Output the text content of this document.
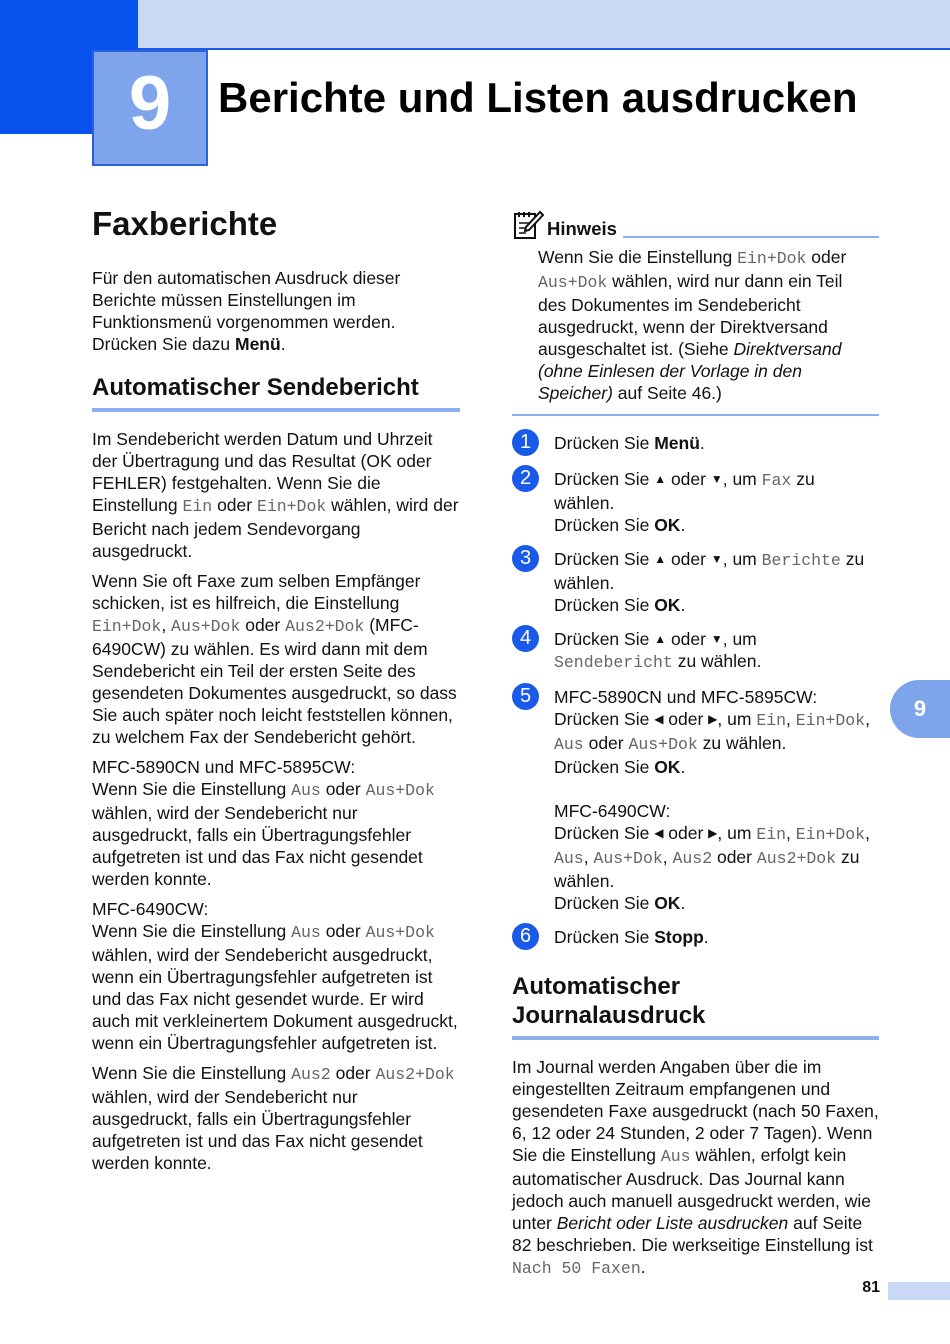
9	Berichte und Listen ausdrucken
Faxberichte

Für den automatischen Ausdruck dieser Berichte müssen Einstellungen im Funktionsmenü vorgenommen werden. Drücken Sie dazu Menü.

Automatischer Sendebericht

Im Sendebericht werden Datum und Uhrzeit der Übertragung und das Resultat (OK oder FEHLER) festgehalten. Wenn Sie die Einstellung Ein oder Ein+Dok wählen, wird der Bericht nach jedem Sendevorgang ausgedruckt.

Wenn Sie oft Faxe zum selben Empfänger schicken, ist es hilfreich, die Einstellung Ein+Dok, Aus+Dok oder Aus2+Dok (MFC-6490CW) zu wählen. Es wird dann mit dem Sendebericht ein Teil der ersten Seite des gesendeten Dokumentes ausgedruckt, so dass Sie auch später noch leicht feststellen können, zu welchem Fax der Sendebericht gehört.

MFC-5890CN und MFC-5895CW:
Wenn Sie die Einstellung Aus oder Aus+Dok wählen, wird der Sendebericht nur ausgedruckt, falls ein Übertragungsfehler aufgetreten ist und das Fax nicht gesendet werden konnte.

MFC-6490CW:
Wenn Sie die Einstellung Aus oder Aus+Dok wählen, wird der Sendebericht ausgedruckt, wenn ein Übertragungsfehler aufgetreten ist und das Fax nicht gesendet wurde. Er wird auch mit verkleinertem Dokument ausgedruckt, wenn ein Übertragungsfehler aufgetreten ist.

Wenn Sie die Einstellung Aus2 oder Aus2+Dok wählen, wird der Sendebericht nur ausgedruckt, falls ein Übertragungsfehler aufgetreten ist und das Fax nicht gesendet werden konnte.

Hinweis

Wenn Sie die Einstellung Ein+Dok oder Aus+Dok wählen, wird nur dann ein Teil des Dokumentes im Sendebericht ausgedruckt, wenn der Direktversand ausgeschaltet ist. (Siehe Direktversand (ohne Einlesen der Vorlage in den Speicher) auf Seite 46.)

1	Drücken Sie Menü.
2	Drücken Sie ▲ oder ▼, um Fax zu wählen.
Drücken Sie OK.
3	Drücken Sie ▲ oder ▼, um Berichte zu wählen.
Drücken Sie OK.
4	Drücken Sie ▲ oder ▼, um Sendebericht zu wählen.
5	MFC-5890CN und MFC-5895CW:
Drücken Sie ◀ oder ▶, um Ein, Ein+Dok, Aus oder Aus+Dok zu wählen.
Drücken Sie OK.
MFC-6490CW:
Drücken Sie ◀ oder ▶, um Ein, Ein+Dok, Aus, Aus+Dok, Aus2 oder Aus2+Dok zu wählen.
Drücken Sie OK.
6	Drücken Sie Stopp.
Automatischer Journalausdruck

Im Journal werden Angaben über die im eingestellten Zeitraum empfangenen und gesendeten Faxe ausgedruckt (nach 50 Faxen, 6, 12 oder 24 Stunden, 2 oder 7 Tagen). Wenn Sie die Einstellung Aus wählen, erfolgt kein automatischer Ausdruck. Das Journal kann jedoch auch manuell ausgedruckt werden, wie unter Bericht oder Liste ausdrucken auf Seite 82 beschrieben. Die werkseitige Einstellung ist Nach 50 Faxen.

9
81
